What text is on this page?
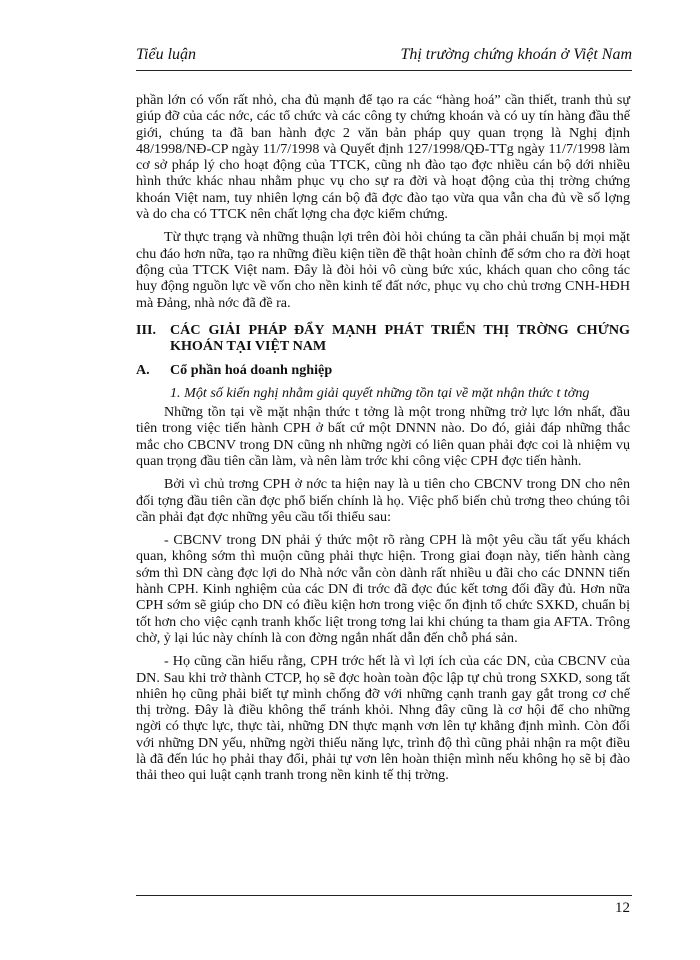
Tiểu luận	Thị trường chứng khoán ở Việt Nam

phần lớn có vốn rất nhỏ, cha đủ mạnh để tạo ra các “hàng hoá” cần thiết, tranh thủ sự giúp đỡ của các nớc, các tổ chức và các công ty chứng khoán và có uy tín hàng đầu thế giới, chúng ta đã ban hành đợc 2 văn bản pháp quy quan trọng là Nghị định 48/1998/NĐ-CP ngày 11/7/1998 và Quyết định 127/1998/QĐ-TTg ngày 11/7/1998 làm cơ sở pháp lý cho hoạt động của TTCK, cũng nh đào tạo đợc nhiều cán bộ dới nhiều hình thức khác nhau nhằm phục vụ cho sự ra đời và hoạt động của thị trờng chứng khoán Việt nam, tuy nhiên lợng cán bộ đã đợc đào tạo vừa qua vẫn cha đủ về số lợng và do cha có TTCK nên chất lợng cha đợc kiểm chứng.

Từ thực trạng và những thuận lợi trên đòi hỏi chúng ta cần phải chuẩn bị mọi mặt chu đáo hơn nữa, tạo ra những điều kiện tiền đề thật hoàn chỉnh để sớm cho ra đời hoạt động của TTCK Việt nam. Đây là đòi hỏi vô cùng bức xúc, khách quan cho công tác huy động nguồn lực về vốn cho nền kinh tế đất nớc, phục vụ cho chủ trơng CNH-HĐH mà Đảng, nhà nớc đã đề ra.

III. CÁC GIẢI PHÁP ĐẨY MẠNH PHÁT TRIỂN THỊ TRỜNG CHỨNG KHOÁN TẠI VIỆT NAM
A.	Cổ phần hoá doanh nghiệp

1. Một số kiến nghị nhằm giải quyết những tồn tại về mặt nhận thức t tởng

Những tồn tại về mặt nhận thức t tởng là một trong những trở lực lớn nhất, đầu tiên trong việc tiến hành CPH ở bất cứ một DNNN nào. Do đó, giải đáp những thắc mắc cho CBCNV trong DN cũng nh những ngời có liên quan phải đợc coi là nhiệm vụ quan trọng đầu tiên cần làm, và nên làm trớc khi công việc CPH đợc tiến hành.

Bởi vì chủ trơng CPH ở nớc ta hiện nay là u tiên cho CBCNV trong DN cho nên đối tợng đầu tiên cần đợc phổ biến chính là họ. Việc phổ biến chủ trơng theo chúng tôi cần phải đạt đợc những yêu cầu tối thiểu sau:

- CBCNV trong DN phải ý thức một rõ ràng CPH là một yêu cầu tất yếu khách quan, không sớm thì muộn cũng phải thực hiện. Trong giai đoạn này, tiến hành càng sớm thì DN càng đợc lợi do Nhà nớc vẫn còn dành rất nhiều u đãi cho các DNNN tiến hành CPH. Kinh nghiệm của các DN đi trớc đã đợc đúc kết tơng đối đầy đủ. Hơn nữa CPH sớm sẽ giúp cho DN có điều kiện hơn trong việc ổn định tổ chức SXKD, chuẩn bị tốt hơn cho việc cạnh tranh khốc liệt trong tơng lai khi chúng ta tham gia AFTA. Trông chờ, ỷ lại lúc này chính là con đờng ngắn nhất dẫn đến chỗ phá sản.

- Họ cũng cần hiểu rằng, CPH trớc hết là vì lợi ích của các DN, của CBCNV của DN. Sau khi trở thành CTCP, họ sẽ đợc hoàn toàn độc lập tự chủ trong SXKD, song tất nhiên họ cũng phải biết tự mình chống đỡ với những cạnh tranh gay gắt trong cơ chế thị trờng. Đây là điều không thể tránh khỏi. Nhng đây cũng là cơ hội để cho những ngời có thực lực, thực tài, những DN thực mạnh vơn lên tự khẳng định mình. Còn đối với những DN yếu, những ngời thiếu năng lực, trình độ thì cũng phải nhận ra một điều là đã đến lúc họ phải thay đổi, phải tự vơn lên hoàn thiện mình nếu không họ sẽ bị đào thải theo qui luật cạnh tranh trong nền kinh tế thị trờng.

12
